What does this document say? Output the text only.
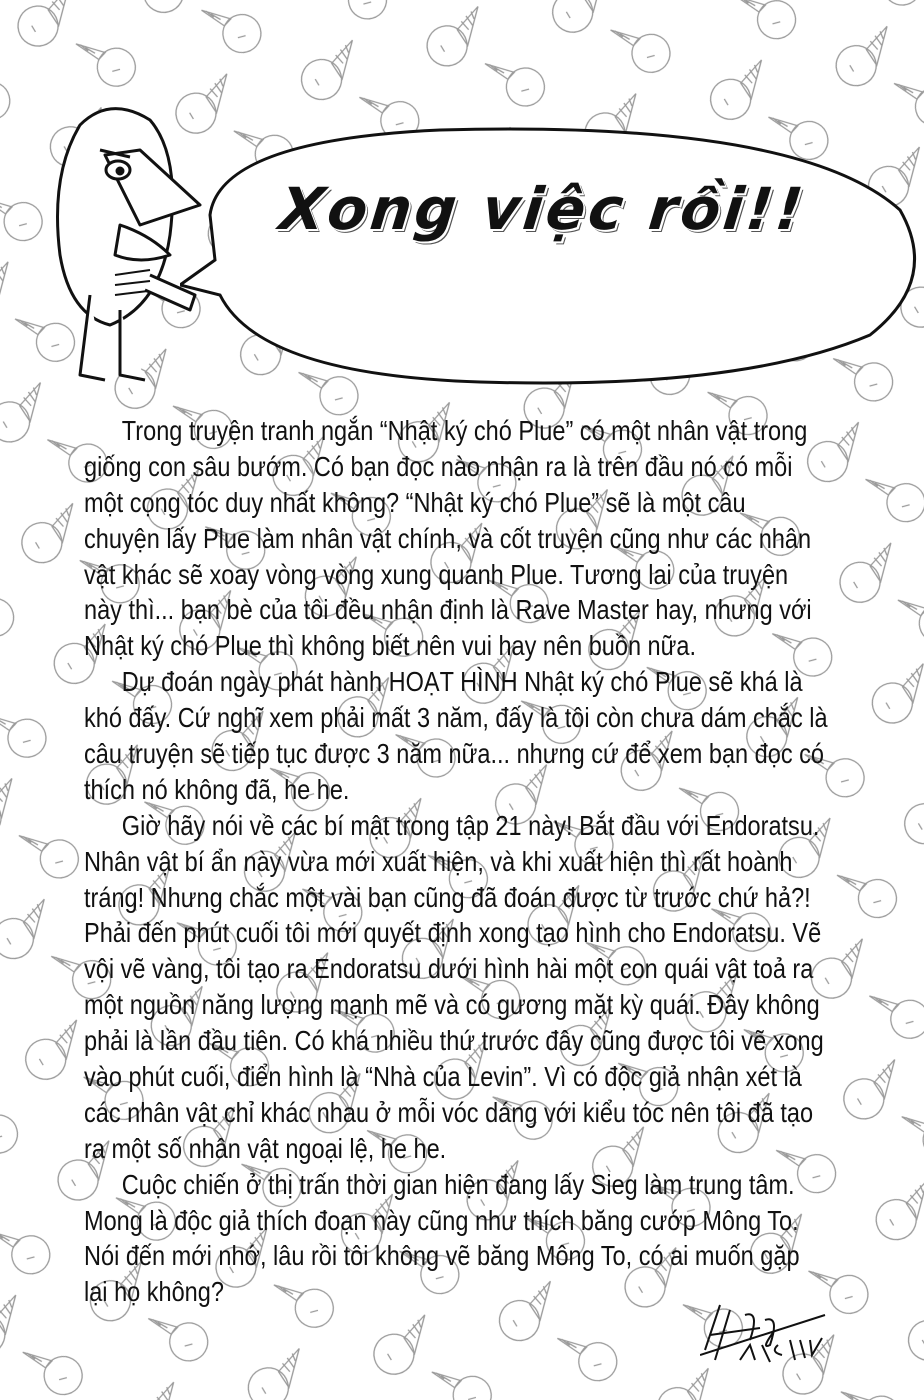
Xong việc rồi!!
Trong truyện tranh ngắn “Nhật ký chó Plue” có một nhân vật trong
giống con sâu bướm. Có bạn đọc nào nhận ra là trên đầu nó có mỗi
một cọng tóc duy nhất không? “Nhật ký chó Plue” sẽ là một câu
chuyện lấy Plue làm nhân vật chính, và cốt truyện cũng như các nhân
vật khác sẽ xoay vòng vòng xung quanh Plue. Tương lai của truyện
này thì... bạn bè của tôi đều nhận định là Rave Master hay, nhưng với
Nhật ký chó Plue thì không biết nên vui hay nên buồn nữa.
Dự đoán ngày phát hành HOẠT HÌNH Nhật ký chó Plue sẽ khá là
khó đấy. Cứ nghĩ xem phải mất 3 năm, đấy là tôi còn chưa dám chắc là
câu truyện sẽ tiếp tục được 3 năm nữa... nhưng cứ để xem bạn đọc có
thích nó không đã, he he.
Giờ hãy nói về các bí mật trong tập 21 này! Bắt đầu với Endoratsu.
Nhân vật bí ẩn này vừa mới xuất hiện, và khi xuất hiện thì rất hoành
tráng! Nhưng chắc một vài bạn cũng đã đoán được từ trước chứ hả?!
Phải đến phút cuối tôi mới quyết định xong tạo hình cho Endoratsu. Vẽ
vội vẽ vàng, tôi tạo ra Endoratsu dưới hình hài một con quái vật toả ra
một nguồn năng lượng mạnh mẽ và có gương mặt kỳ quái. Đây không
phải là lần đầu tiên. Có khá nhiều thứ trước đây cũng được tôi vẽ xong
vào phút cuối, điển hình là “Nhà của Levin”. Vì có độc giả nhận xét là
các nhân vật chỉ khác nhau ở mỗi vóc dáng với kiểu tóc nên tôi đã tạo
ra một số nhân vật ngoại lệ, he he.
Cuộc chiến ở thị trấn thời gian hiện đang lấy Sieg làm trung tâm.
Mong là độc giả thích đoạn này cũng như thích băng cướp Mông To.
Nói đến mới nhớ, lâu rồi tôi không vẽ băng Mông To, có ai muốn gặp
lại họ không?
